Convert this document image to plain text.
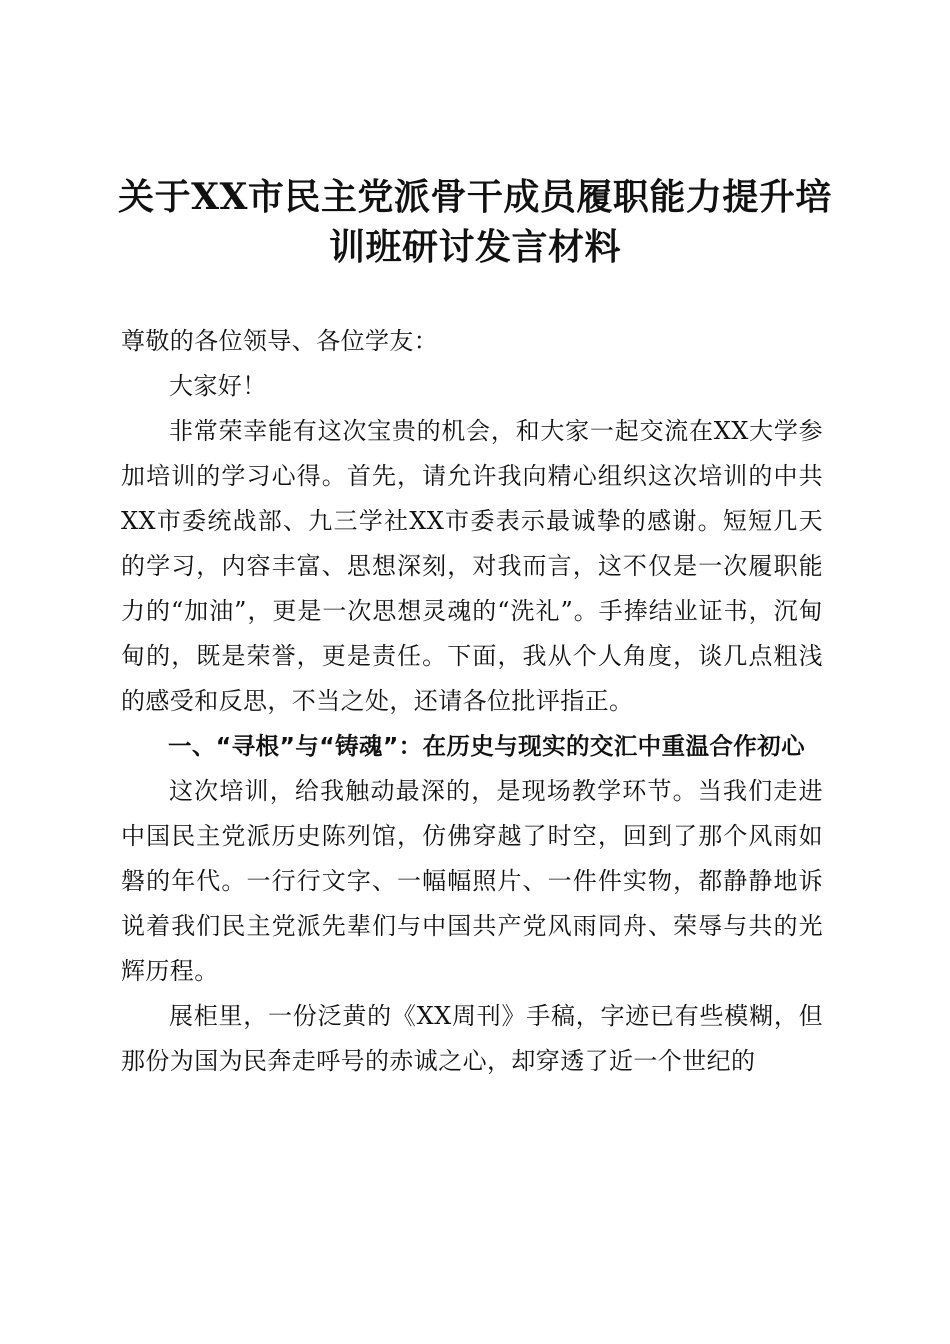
关于XX市民主党派骨干成员履职能力提升培
训班研讨发言材料

尊敬的各位领导、各位学友：

大家好！

非常荣幸能有这次宝贵的机会，和大家一起交流在XX大学参加培训的学习心得。首先，请允许我向精心组织这次培训的中共XX市委统战部、九三学社XX市委表示最诚挚的感谢。短短几天的学习，内容丰富、思想深刻，对我而言，这不仅是一次履职能力的“加油”，更是一次思想灵魂的“洗礼”。手捧结业证书，沉甸甸的，既是荣誉，更是责任。下面，我从个人角度，谈几点粗浅的感受和反思，不当之处，还请各位批评指正。

一、“寻根”与“铸魂”：在历史与现实的交汇中重温合作初心

这次培训，给我触动最深的，是现场教学环节。当我们走进中国民主党派历史陈列馆，仿佛穿越了时空，回到了那个风雨如磐的年代。一行行文字、一幅幅照片、一件件实物，都静静地诉说着我们民主党派先辈们与中国共产党风雨同舟、荣辱与共的光辉历程。

展柜里，一份泛黄的《XX周刊》手稿，字迹已有些模糊，但那份为国为民奔走呼号的赤诚之心，却穿透了近一个世纪的
